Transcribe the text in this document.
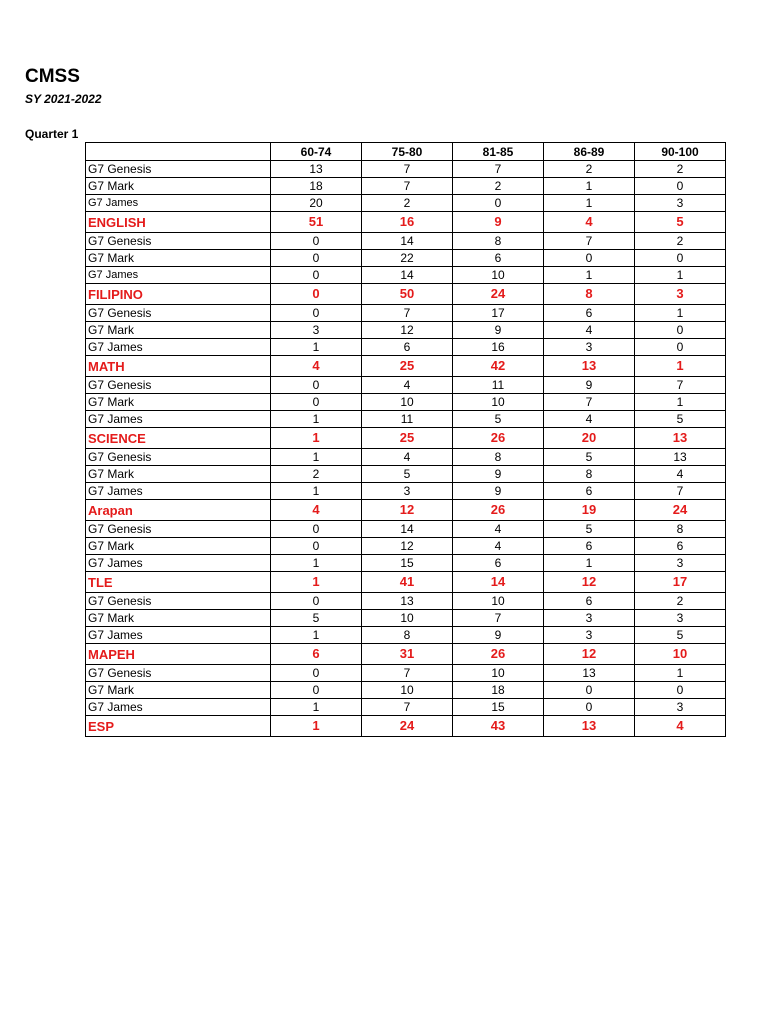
CMSS
SY 2021-2022
Quarter 1
	60-74	75-80	81-85	86-89	90-100
G7 Genesis	13	7	7	2	2
G7 Mark	18	7	2	1	0
G7 James	20	2	0	1	3
ENGLISH	51	16	9	4	5
G7 Genesis	0	14	8	7	2
G7 Mark	0	22	6	0	0
G7 James	0	14	10	1	1
FILIPINO	0	50	24	8	3
G7 Genesis	0	7	17	6	1
G7 Mark	3	12	9	4	0
G7 James	1	6	16	3	0
MATH	4	25	42	13	1
G7 Genesis	0	4	11	9	7
G7 Mark	0	10	10	7	1
G7 James	1	11	5	4	5
SCIENCE	1	25	26	20	13
G7 Genesis	1	4	8	5	13
G7 Mark	2	5	9	8	4
G7 James	1	3	9	6	7
Arapan	4	12	26	19	24
G7 Genesis	0	14	4	5	8
G7 Mark	0	12	4	6	6
G7 James	1	15	6	1	3
TLE	1	41	14	12	17
G7 Genesis	0	13	10	6	2
G7 Mark	5	10	7	3	3
G7 James	1	8	9	3	5
MAPEH	6	31	26	12	10
G7 Genesis	0	7	10	13	1
G7 Mark	0	10	18	0	0
G7 James	1	7	15	0	3
ESP	1	24	43	13	4
